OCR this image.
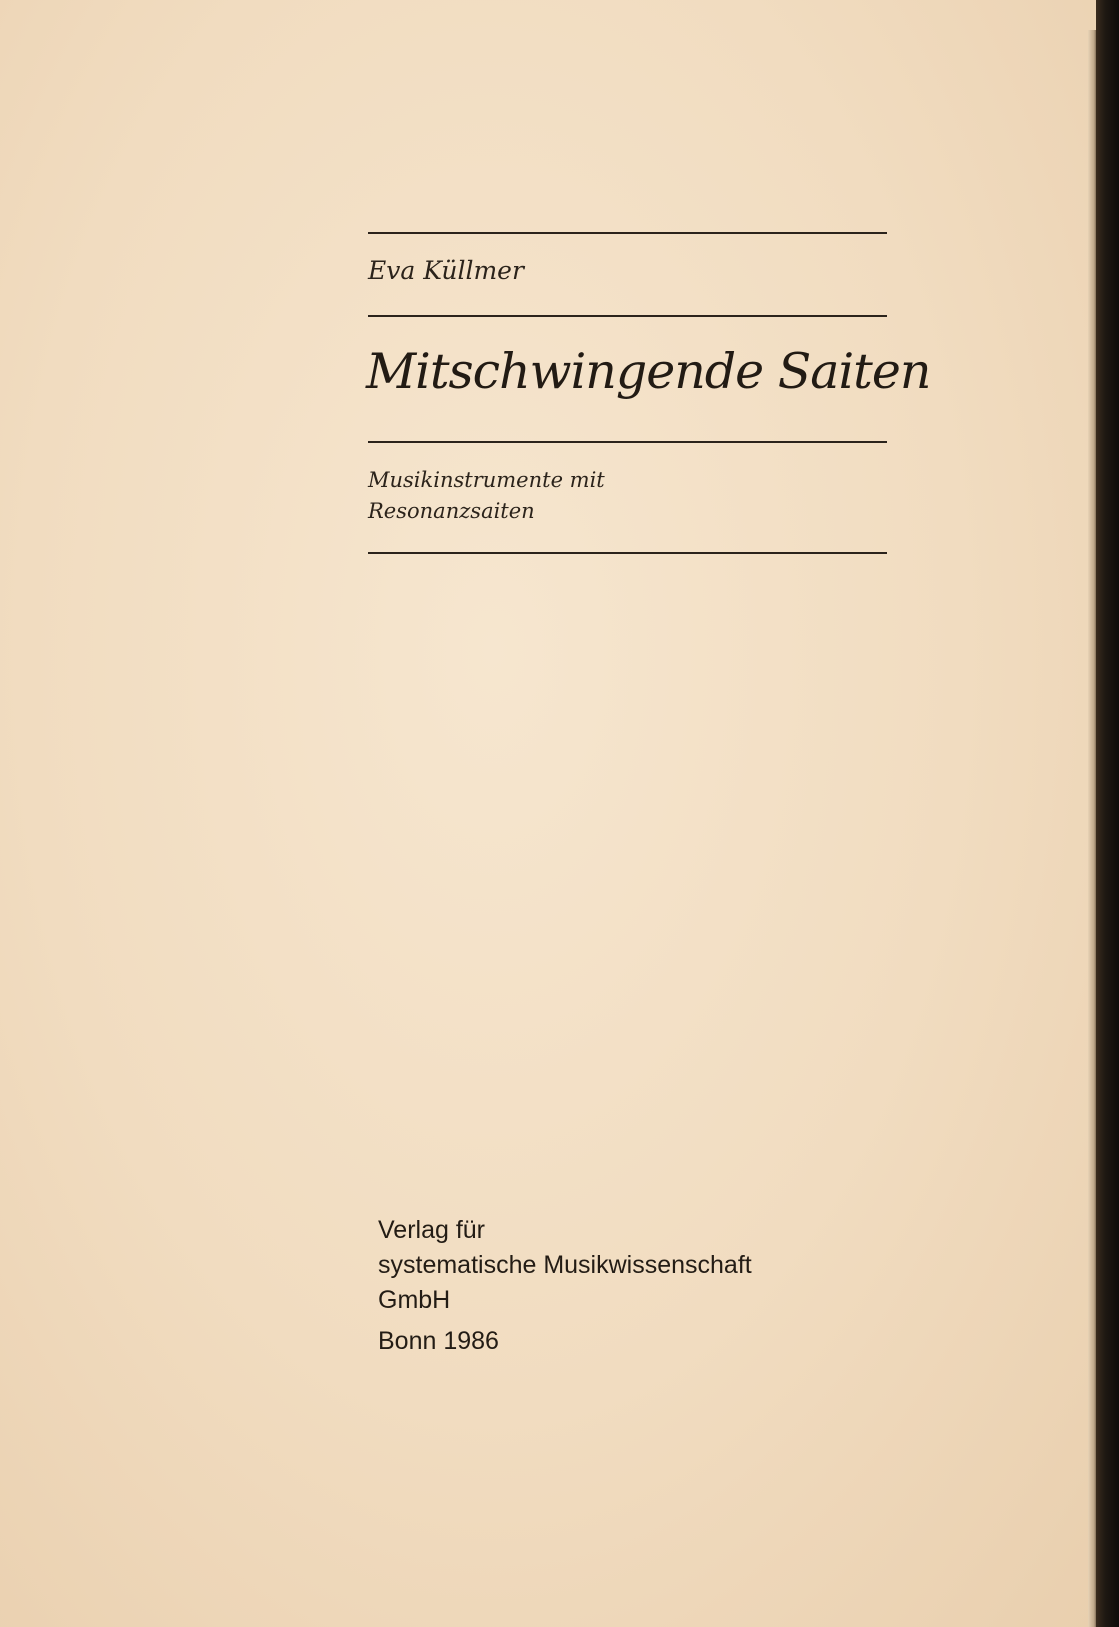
Eva Küllmer
Mitschwingende Saiten
Musikinstrumente mit
Resonanzsaiten
Verlag für
systematische Musikwissenschaft
GmbH
Bonn 1986
